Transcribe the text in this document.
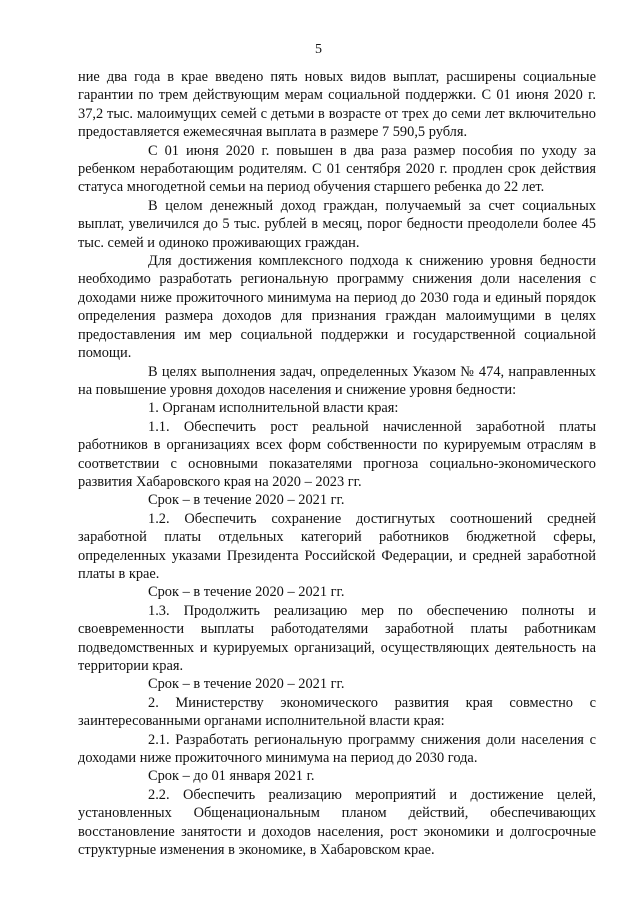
5

ние два года в крае введено пять новых видов выплат, расширены социальные гарантии по трем действующим мерам социальной поддержки. С 01 июня 2020 г. 37,2 тыс. малоимущих семей с детьми в возрасте от трех до семи лет включительно предоставляется ежемесячная выплата в размере 7 590,5 рубля.

С 01 июня 2020 г. повышен в два раза размер пособия по уходу за ребенком неработающим родителям. С 01 сентября 2020 г. продлен срок действия статуса многодетной семьи на период обучения старшего ребенка до 22 лет.

В целом денежный доход граждан, получаемый за счет социальных выплат, увеличился до 5 тыс. рублей в месяц, порог бедности преодолели более 45 тыс. семей и одиноко проживающих граждан.

Для достижения комплексного подхода к снижению уровня бедности необходимо разработать региональную программу снижения доли населения с доходами ниже прожиточного минимума на период до 2030 года и единый порядок определения размера доходов для признания граждан малоимущими в целях предоставления им мер социальной поддержки и государственной социальной помощи.

В целях выполнения задач, определенных Указом № 474, направленных на повышение уровня доходов населения и снижение уровня бедности:

1. Органам исполнительной власти края:

1.1. Обеспечить рост реальной начисленной заработной платы работников в организациях всех форм собственности по курируемым отраслям в соответствии с основными показателями прогноза социально-экономического развития Хабаровского края на 2020 – 2023 гг.

Срок – в течение 2020 – 2021 гг.

1.2. Обеспечить сохранение достигнутых соотношений средней заработной платы отдельных категорий работников бюджетной сферы, определенных указами Президента Российской Федерации, и средней заработной платы в крае.

Срок – в течение 2020 – 2021 гг.

1.3. Продолжить реализацию мер по обеспечению полноты и своевременности выплаты работодателями заработной платы работникам подведомственных и курируемых организаций, осуществляющих деятельность на территории края.

Срок – в течение 2020 – 2021 гг.

2. Министерству экономического развития края совместно с заинтересованными органами исполнительной власти края:

2.1. Разработать региональную программу снижения доли населения с доходами ниже прожиточного минимума на период до 2030 года.

Срок – до 01 января 2021 г.

2.2. Обеспечить реализацию мероприятий и достижение целей, установленных Общенациональным планом действий, обеспечивающих восстановление занятости и доходов населения, рост экономики и долгосрочные структурные изменения в экономике, в Хабаровском крае.
